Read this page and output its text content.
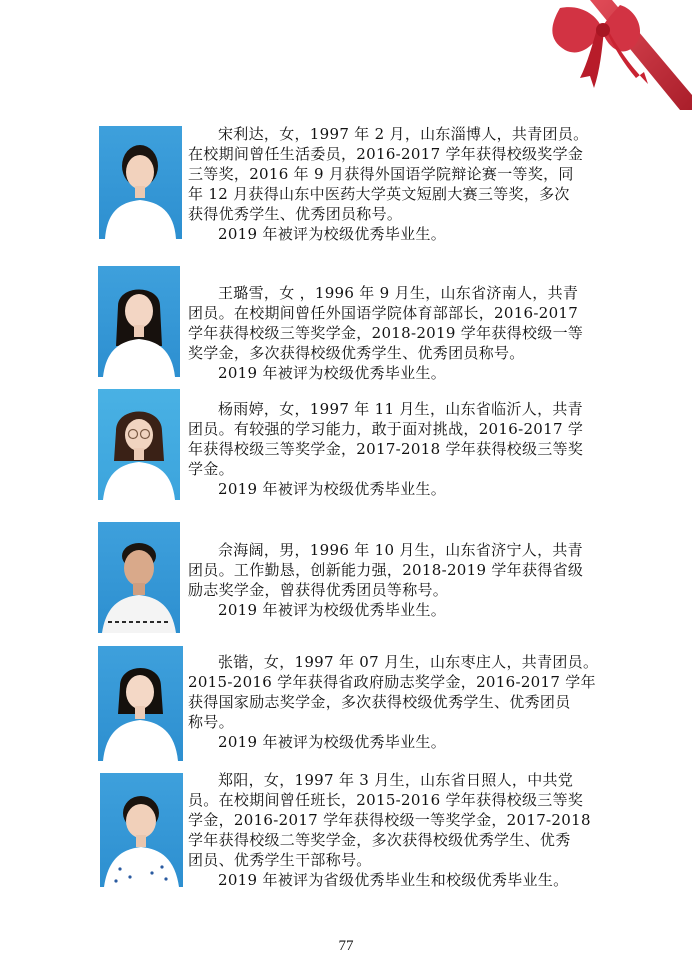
宋利达，女，1997 年 2 月，山东淄博人，共青团员。

在校期间曾任生活委员，2016-2017 学年获得校级奖学金

三等奖，2016 年 9 月获得外国语学院辩论赛一等奖，同

年 12 月获得山东中医药大学英文短剧大赛三等奖，多次

获得优秀学生、优秀团员称号。

2019 年被评为校级优秀毕业生。

王璐雪，女 ，1996 年 9 月生，山东省济南人，共青

团员。在校期间曾任外国语学院体育部部长，2016-2017

学年获得校级三等奖学金，2018-2019 学年获得校级一等

奖学金，多次获得校级优秀学生、优秀团员称号。

2019 年被评为校级优秀毕业生。

杨雨婷，女，1997 年 11 月生，山东省临沂人，共青

团员。有较强的学习能力，敢于面对挑战，2016-2017 学

年获得校级三等奖学金，2017-2018 学年获得校级三等奖

学金。

2019 年被评为校级优秀毕业生。

佘海阔，男，1996 年 10 月生，山东省济宁人，共青

团员。工作勤恳，创新能力强，2018-2019 学年获得省级

励志奖学金，曾获得优秀团员等称号。

2019 年被评为校级优秀毕业生。

张锴，女，1997 年 07 月生，山东枣庄人，共青团员。

2015-2016 学年获得省政府励志奖学金，2016-2017 学年

获得国家励志奖学金，多次获得校级优秀学生、优秀团员

称号。

2019 年被评为校级优秀毕业生。

郑阳，女，1997 年 3 月生，山东省日照人，中共党

员。在校期间曾任班长，2015-2016 学年获得校级三等奖

学金，2016-2017 学年获得校级一等奖学金，2017-2018

学年获得校级二等奖学金，多次获得校级优秀学生、优秀

团员、优秀学生干部称号。

2019 年被评为省级优秀毕业生和校级优秀毕业生。

77
